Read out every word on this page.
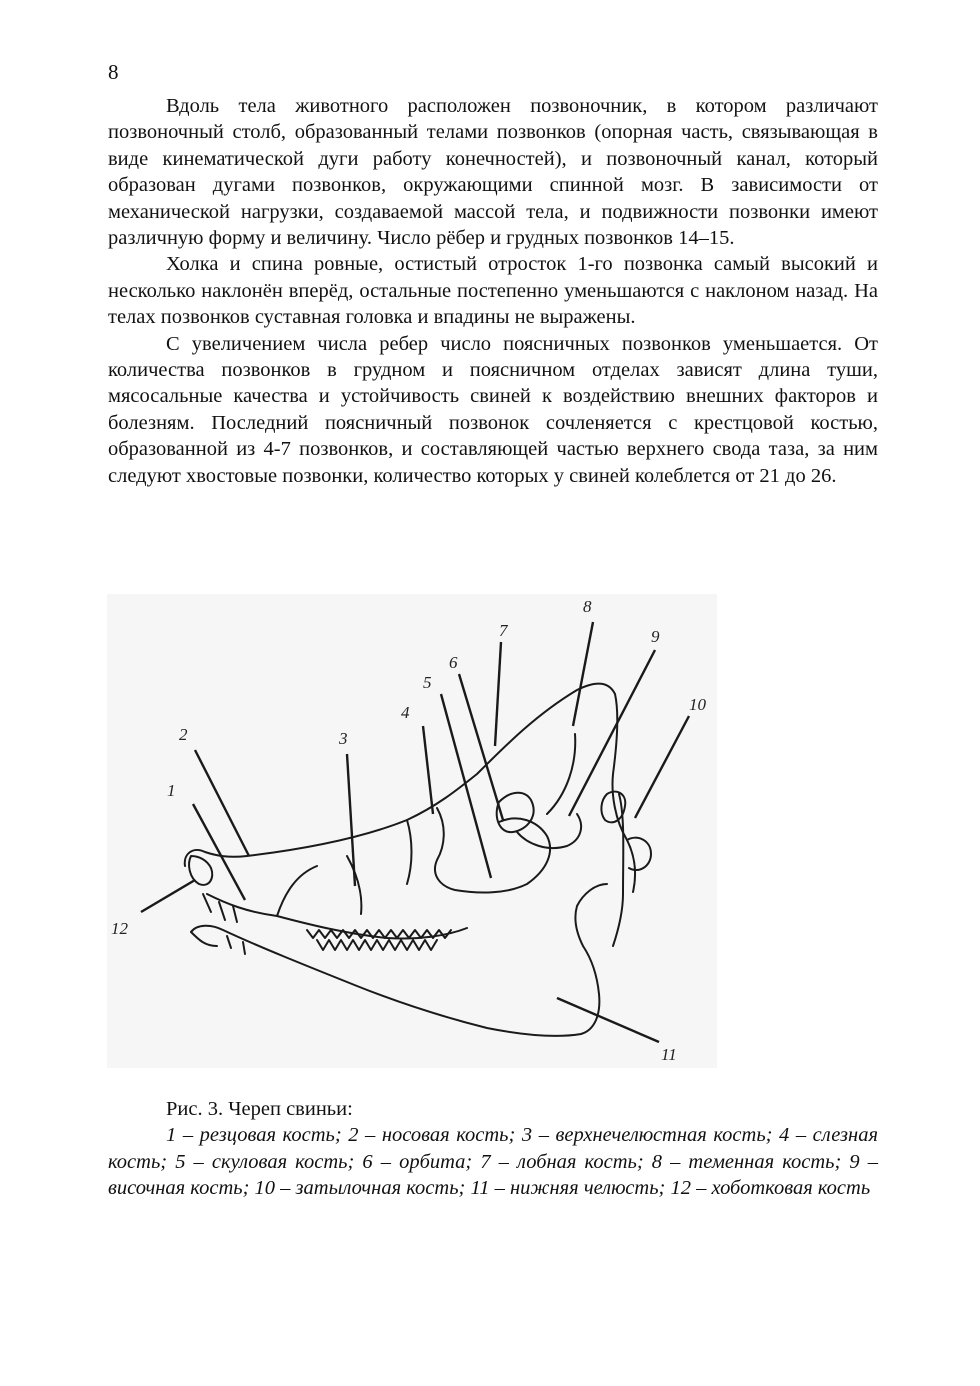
8

Вдоль тела животного расположен позвоночник, в котором различают позвоночный столб, образованный телами позвонков (опорная часть, связывающая в виде кинематической дуги работу конечностей), и позвоночный канал, который образован дугами позвонков, окружающими спинной мозг. В зависимости от механической нагрузки, создаваемой массой тела, и подвижности позвонки имеют различную форму и величину. Число рёбер и грудных позвонков 14–15.

Холка и спина ровные, остистый отросток 1-го позвонка самый высокий и несколько наклонён вперёд, остальные постепенно уменьшаются с наклоном назад. На телах позвонков суставная головка и впадины не выражены.

С увеличением числа ребер число поясничных позвонков уменьшается. От количества позвонков в грудном и поясничном отделах зависят длина туши, мясосальные качества и устойчивость свиней к воздействию внешних факторов и болезням. Последний поясничный позвонок сочленяется с крестцовой костью, образованной из 4-7 позвонков, и составляющей частью верхнего свода таза, за ним следуют хвостовые позвонки, количество которых у свиней колеблется от 21 до 26.

1
2	3
4
5
6
7
8
9
10
11
12

Рис. 3. Череп свиньи:

1 – резцовая кость; 2 – носовая кость; 3 – верхнечелюстная кость; 4 – слезная кость; 5 – скуловая кость; 6 – орбита; 7 – лобная кость; 8 – теменная кость; 9 – височная кость; 10 – затылочная кость; 11 – нижняя челюсть; 12 – хоботковая кость
